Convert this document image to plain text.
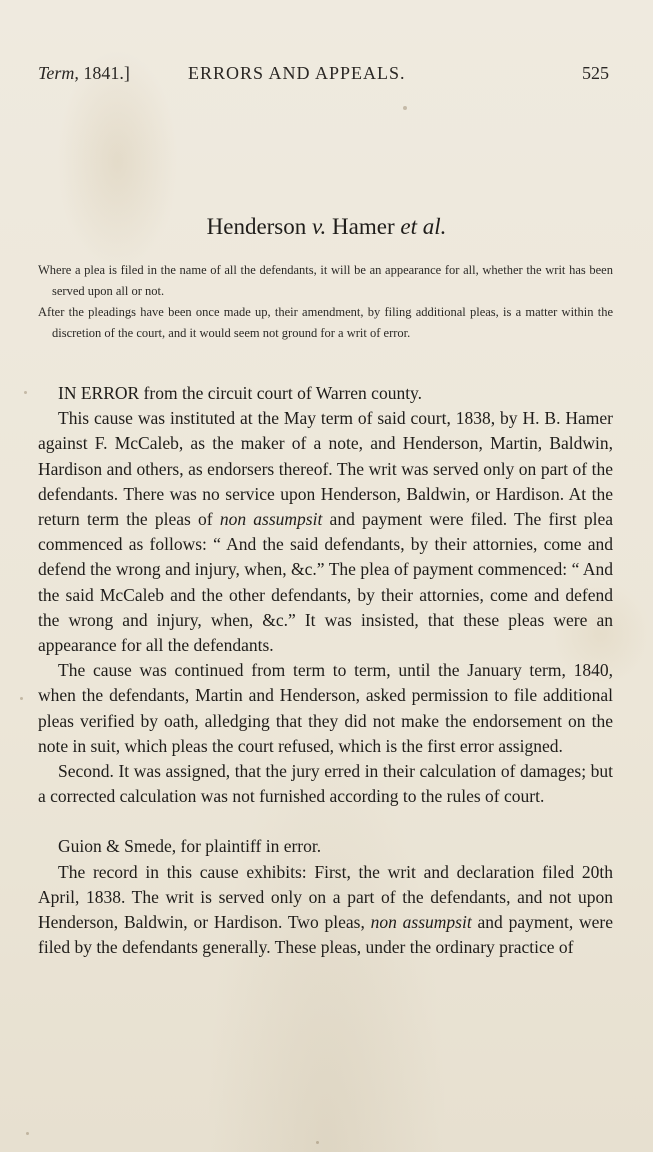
Term, 1841.]	ERRORS AND APPEALS.	525
Henderson v. Hamer et al.

Where a plea is filed in the name of all the defendants, it will be an appearance for all, whether the writ has been served upon all or not.

After the pleadings have been once made up, their amendment, by filing additional pleas, is a matter within the discretion of the court, and it would seem not ground for a writ of error.

IN ERROR from the circuit court of Warren county.

This cause was instituted at the May term of said court, 1838, by H. B. Hamer against F. McCaleb, as the maker of a note, and Henderson, Martin, Baldwin, Hardison and others, as endorsers thereof. The writ was served only on part of the defendants. There was no service upon Henderson, Baldwin, or Hardison. At the return term the pleas of non assumpsit and payment were filed. The first plea commenced as follows: “ And the said defendants, by their attornies, come and defend the wrong and injury, when, &c.” The plea of payment commenced: “ And the said McCaleb and the other defendants, by their attornies, come and defend the wrong and injury, when, &c.” It was insisted, that these pleas were an appearance for all the defendants.

The cause was continued from term to term, until the January term, 1840, when the defendants, Martin and Henderson, asked permission to file additional pleas verified by oath, alledging that they did not make the endorsement on the note in suit, which pleas the court refused, which is the first error assigned.

Second. It was assigned, that the jury erred in their calculation of damages; but a corrected calculation was not furnished according to the rules of court.

Guion & Smede, for plaintiff in error.

The record in this cause exhibits: First, the writ and declaration filed 20th April, 1838. The writ is served only on a part of the defendants, and not upon Henderson, Baldwin, or Hardison. Two pleas, non assumpsit and payment, were filed by the defendants generally. These pleas, under the ordinary practice of
